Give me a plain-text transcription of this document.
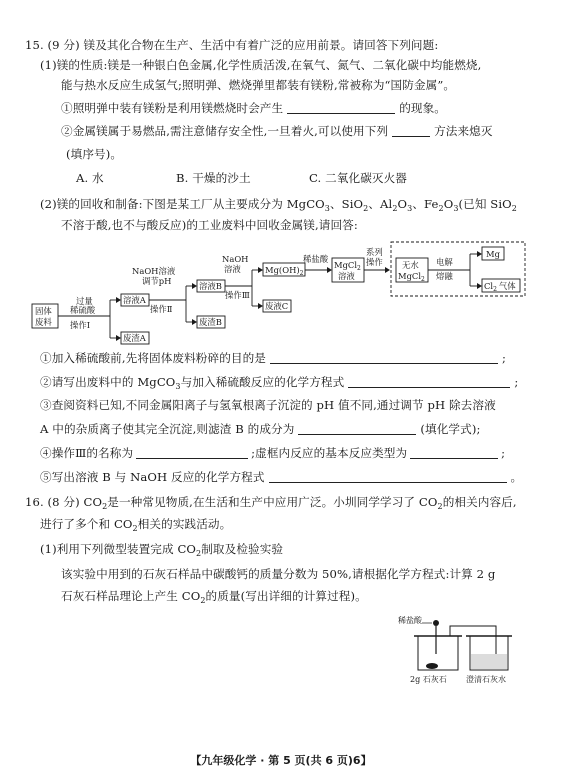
15. (9 分) 镁及其化合物在生产、生活中有着广泛的应用前景。请回答下列问题:
(1)镁的性质:镁是一种银白色金属,化学性质活泼,在氧气、氮气、二氧化碳中均能燃烧,
能与热水反应生成氢气;照明弹、燃烧弹里都装有镁粉,常被称为“国防金属”。
①照明弹中装有镁粉是利用镁燃烧时会产生	的现象。
②金属镁属于易燃品,需注意储存安全性,一旦着火,可以使用下列	方法来熄灭
(填序号)。
A. 水	B. 干燥的沙土	C. 二氧化碳灭火器
(2)镁的回收和制备:下图是某工厂从主要成分为 MgCO$_3$、SiO$_2$、$Al_2O_3$、$Fe_2O_3$(已知 SiO$_2$
不溶于酸,也不与酸反应)的工业废料中回收金属镁,请回答:
固体
废料
过量
稀硫酸
操作Ⅰ
溶液A
废渣A
NaOH溶液
调节pH
操作Ⅱ
溶液B
废渣B
NaOH
溶液
操作Ⅲ
$Mg(OH)_2$
废液C
稀盐酸
MgCl$_2$
溶液
系列
操作 无水
MgCl$_2$
电解
熔融
Mg
$Cl_2$ 气体
①加入稀硫酸前,先将固体废料粉碎的目的是	;
②请写出废料中的 MgCO$_3$与加入稀硫酸反应的化学方程式	;
③查阅资料已知,不同金属阳离子与氢氧根离子沉淀的 pH 值不同,通过调节 pH 除去溶液
A 中的杂质离子使其完全沉淀,则滤渣 B 的成分为	(填化学式);
④操作Ⅲ的名称为	;虚框内反应的基本反应类型为	;
⑤写出溶液 B 与 NaOH 反应的化学方程式	。
16. (8 分) $CO_2$是一种常见物质,在生活和生产中应用广泛。小圳同学学习了 $CO_2$的相关内容后,
进行了多个和 $CO_2$相关的实践活动。
(1)利用下列微型装置完成 $CO_2$制取及检验实验
该实验中用到的石灰石样品中碳酸钙的质量分数为 50%,请根据化学方程式:计算 2 g
石灰石样品理论上产生 $CO_2$的质量(写出详细的计算过程)。
稀盐酸
2g 石灰石 澄清石灰水
【九年级化学 · 第 5 页(共 6 页)6】
